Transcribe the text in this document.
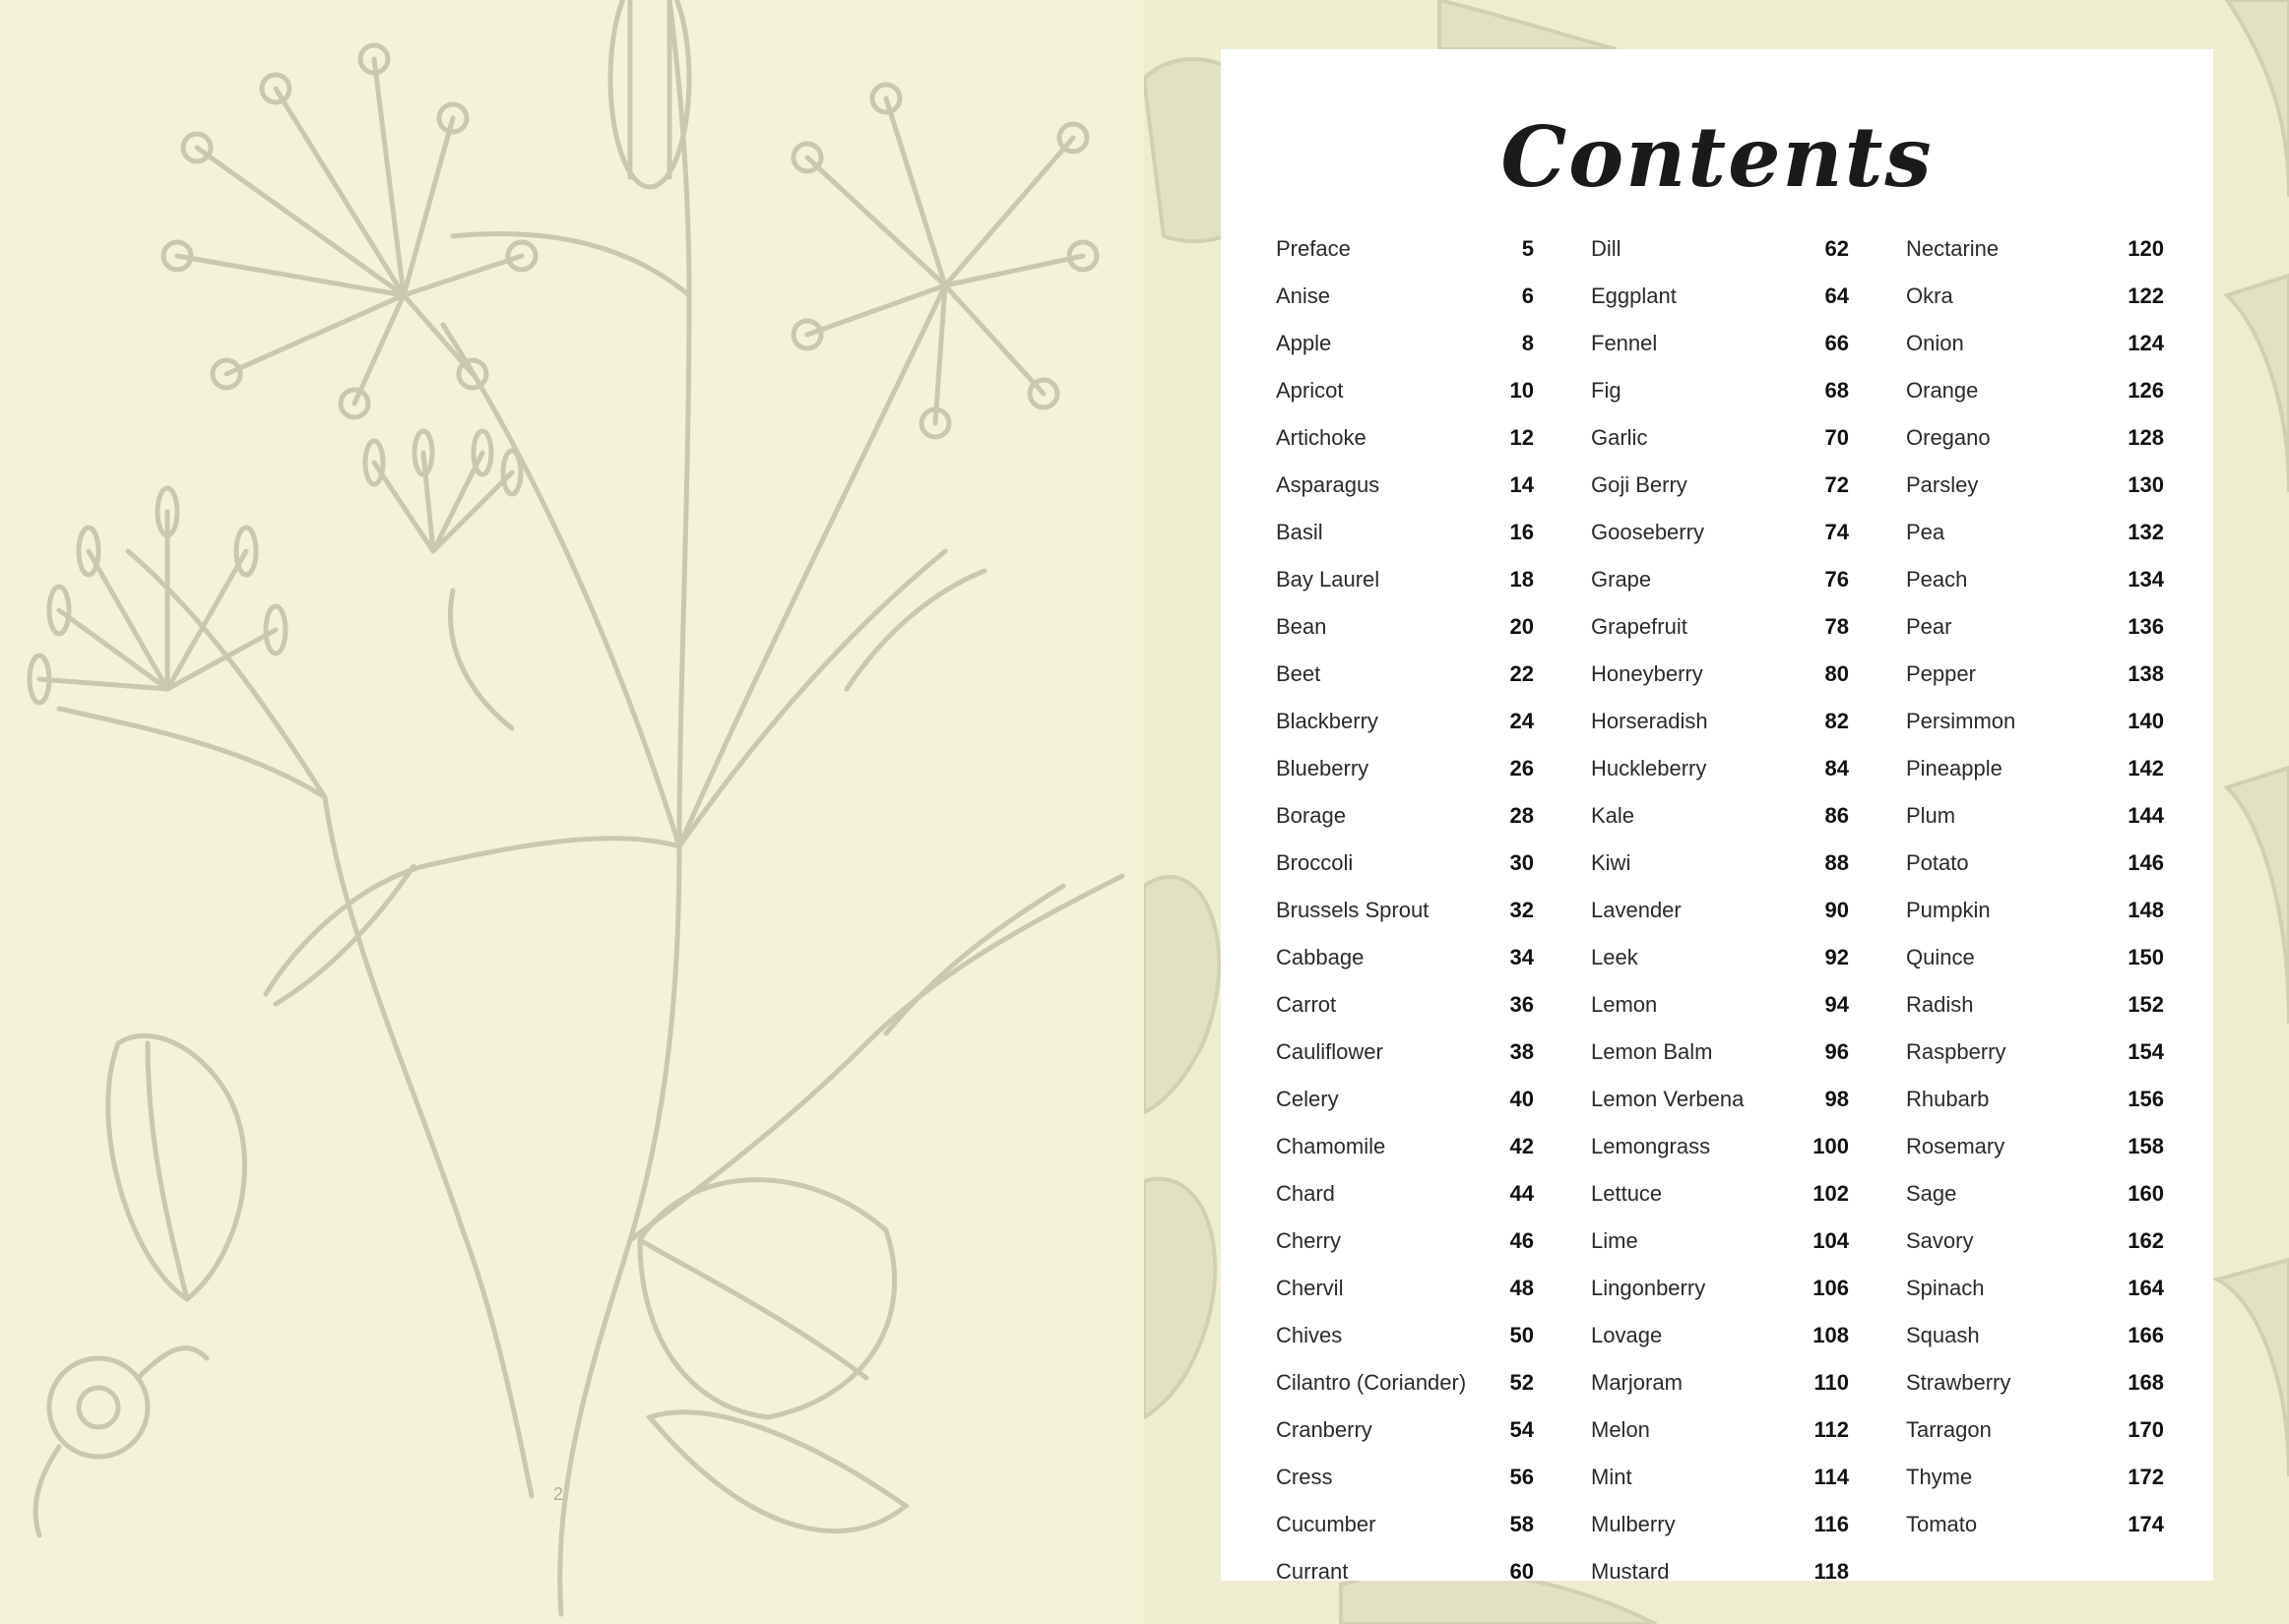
2
Contents
Preface	5
Anise	6
Apple	8
Apricot	10
Artichoke	12
Asparagus	14
Basil	16
Bay Laurel	18
Bean	20
Beet	22
Blackberry	24
Blueberry	26
Borage	28
Broccoli	30
Brussels Sprout	32
Cabbage	34
Carrot	36
Cauliflower	38
Celery	40
Chamomile	42
Chard	44
Cherry	46
Chervil	48
Chives	50
Cilantro (Coriander) 52
Cranberry	54
Cress	56
Cucumber	58
Currant	60
Dill	62
Eggplant	64
Fennel	66
Fig	68
Garlic	70
Goji Berry	72
Gooseberry	74
Grape	76
Grapefruit	78
Honeyberry	80
Horseradish	82
Huckleberry	84
Kale	86
Kiwi	88
Lavender	90
Leek	92
Lemon	94
Lemon Balm	96
Lemon Verbena	98
Lemongrass	100
Lettuce	102
Lime	104
Lingonberry	106
Lovage	108
Marjoram	110
Melon	112
Mint	114
Mulberry	116
Mustard	118
Nectarine	120
Okra	122
Onion	124
Orange	126
Oregano	128
Parsley	130
Pea	132
Peach	134
Pear	136
Pepper	138
Persimmon	140
Pineapple	142
Plum	144
Potato	146
Pumpkin	148
Quince	150
Radish	152
Raspberry	154
Rhubarb	156
Rosemary	158
Sage	160
Savory	162
Spinach	164
Squash	166
Strawberry	168
Tarragon	170
Thyme	172
Tomato	174
